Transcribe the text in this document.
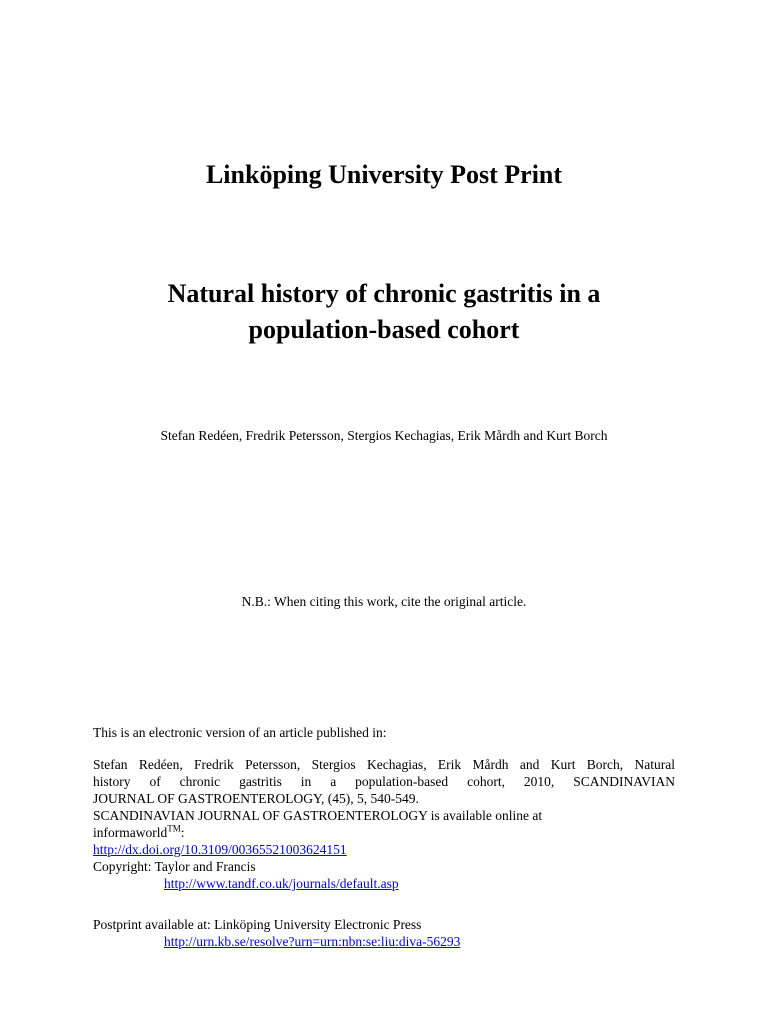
Linköping University Post Print
Natural history of chronic gastritis in a
population-based cohort
Stefan Redéen, Fredrik Petersson, Stergios Kechagias, Erik Mårdh and Kurt Borch
N.B.: When citing this work, cite the original article.
This is an electronic version of an article published in:
Stefan Redéen, Fredrik Petersson, Stergios Kechagias, Erik Mårdh and Kurt Borch, Natural
history of chronic gastritis in a population-based cohort, 2010, SCANDINAVIAN
JOURNAL OF GASTROENTEROLOGY, (45), 5, 540-549.
SCANDINAVIAN JOURNAL OF GASTROENTEROLOGY is available online at
informaworld™:
http://dx.doi.org/10.3109/00365521003624151
Copyright: Taylor and Francis
http://www.tandf.co.uk/journals/default.asp
Postprint available at: Linköping University Electronic Press
http://urn.kb.se/resolve?urn=urn:nbn:se:liu:diva-56293
